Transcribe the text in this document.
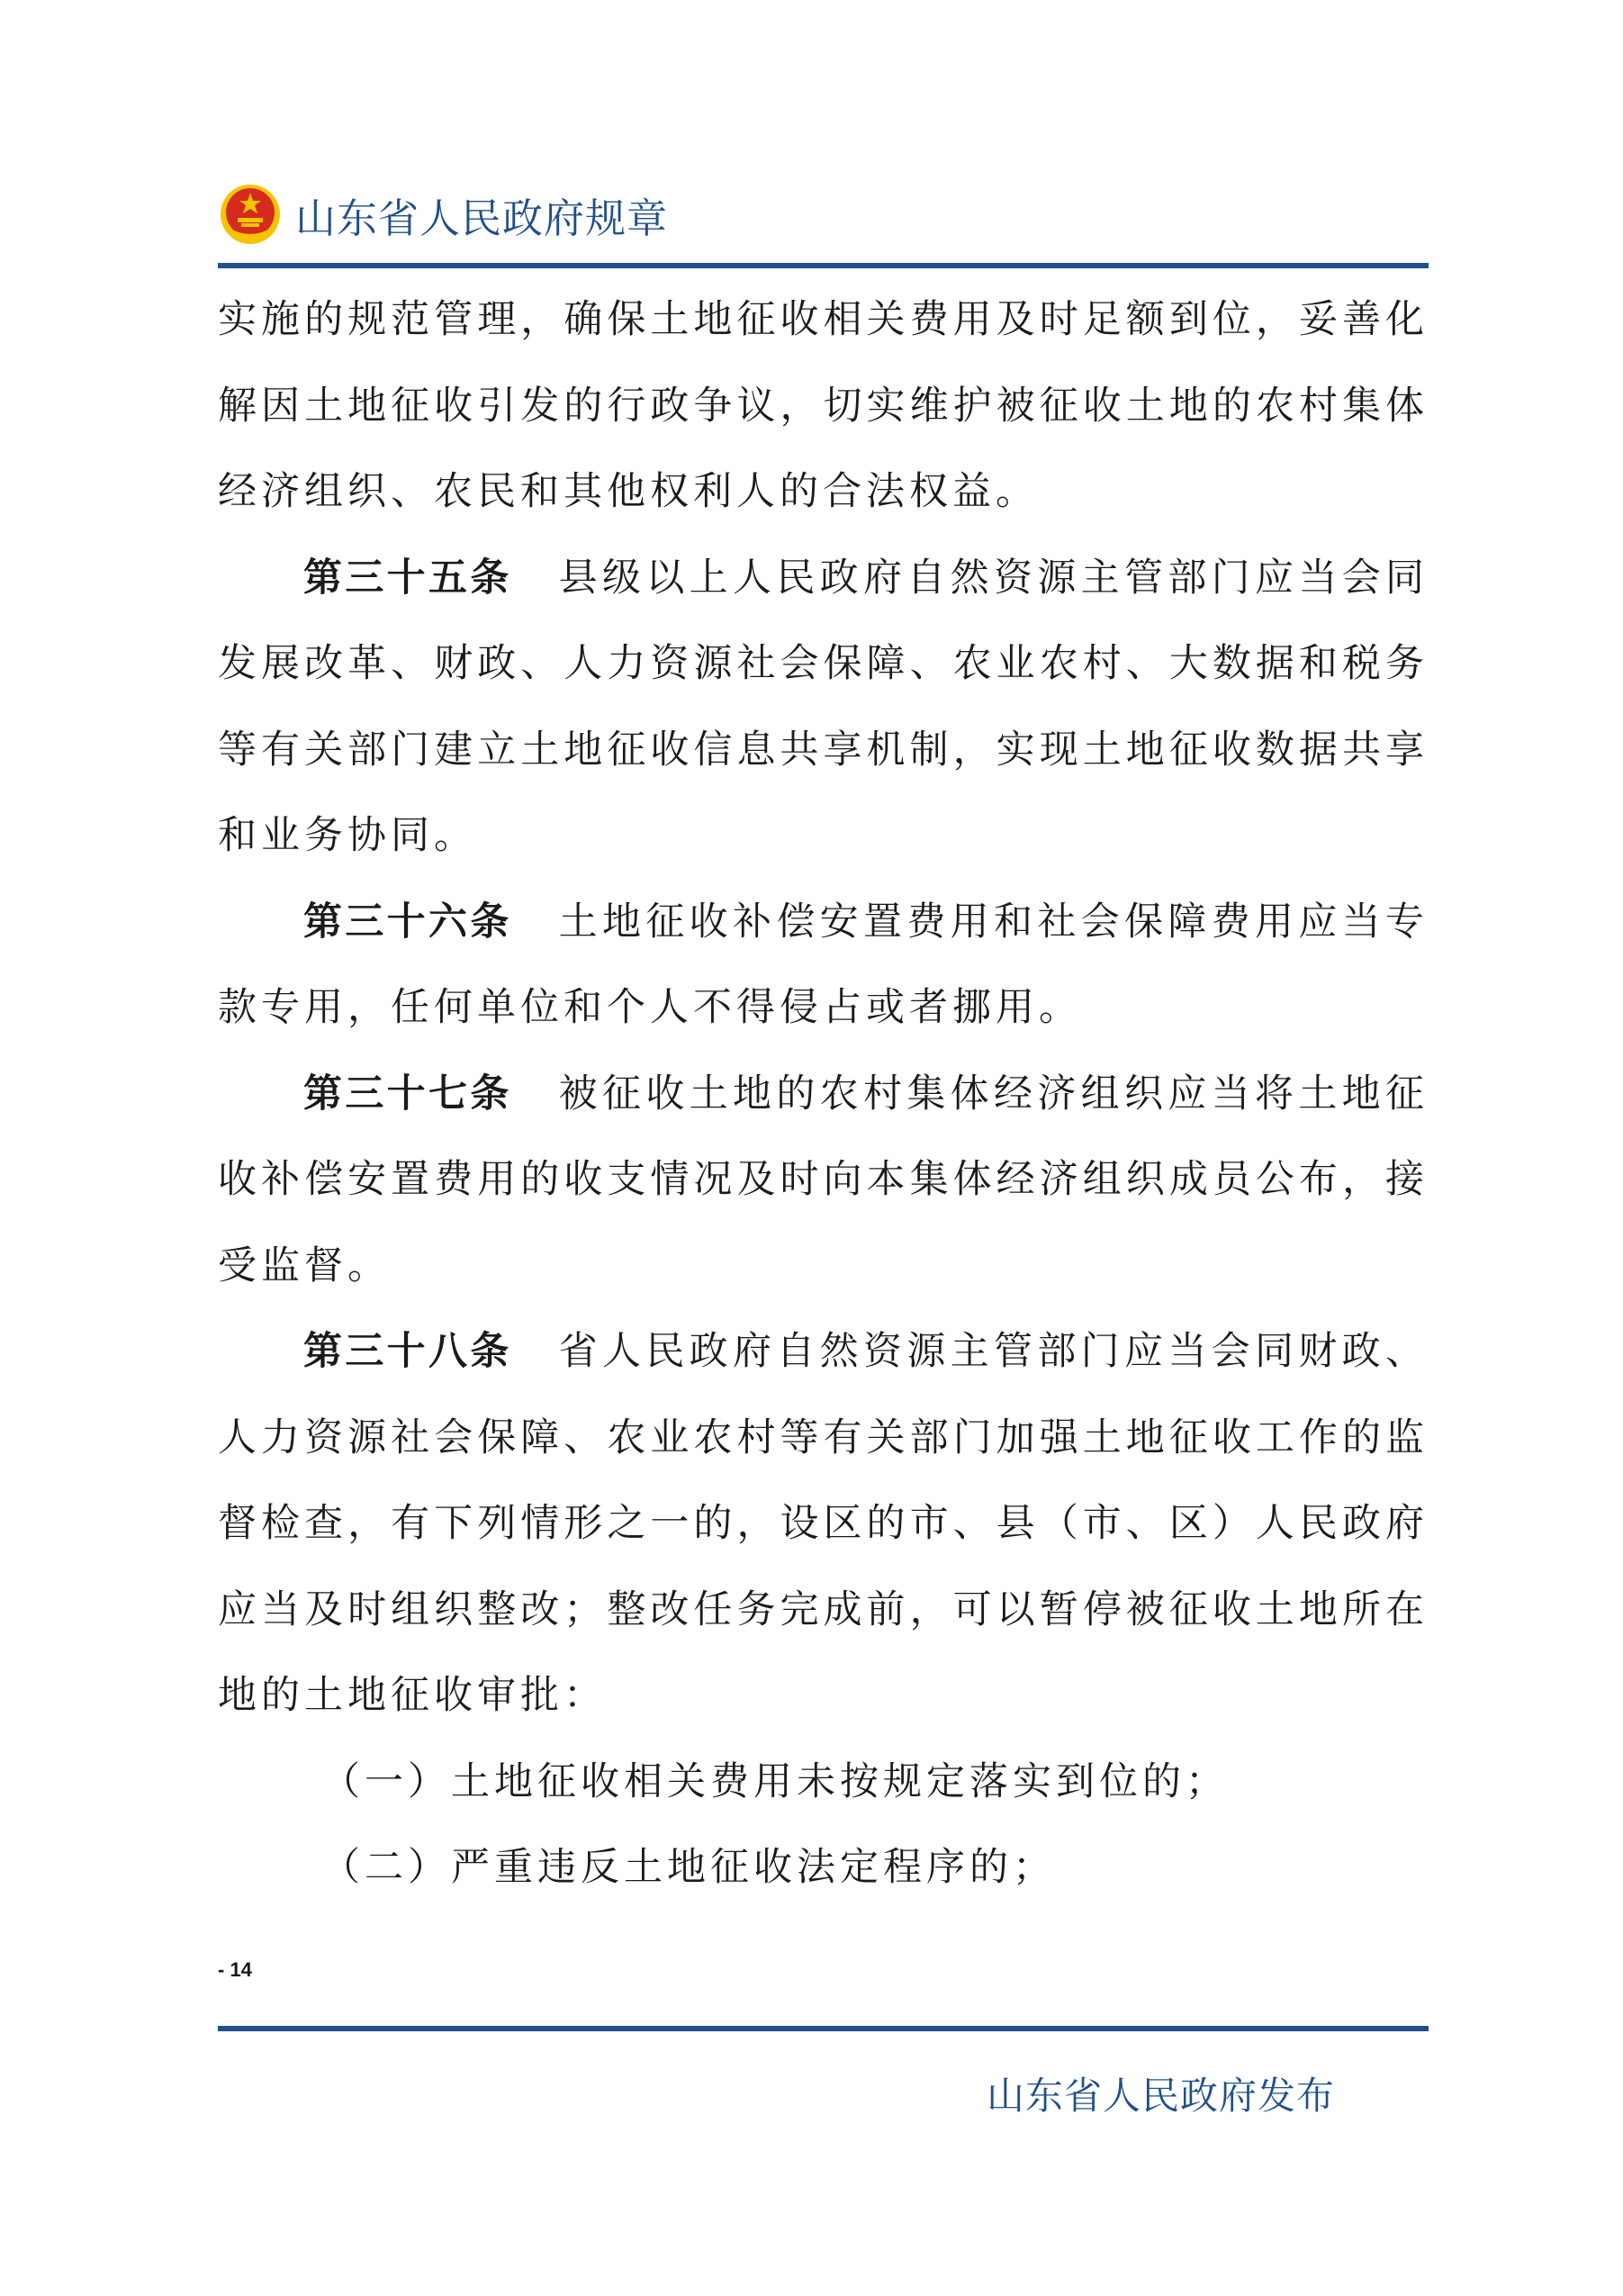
山东省人民政府规章

实施的规范管理，确保土地征收相关费用及时足额到位，妥善化解因土地征收引发的行政争议，切实维护被征收土地的农村集体经济组织、农民和其他权利人的合法权益。

第三十五条 县级以上人民政府自然资源主管部门应当会同发展改革、财政、人力资源社会保障、农业农村、大数据和税务等有关部门建立土地征收信息共享机制，实现土地征收数据共享和业务协同。

第三十六条 土地征收补偿安置费用和社会保障费用应当专款专用，任何单位和个人不得侵占或者挪用。

第三十七条 被征收土地的农村集体经济组织应当将土地征收补偿安置费用的收支情况及时向本集体经济组织成员公布，接受监督。

第三十八条 省人民政府自然资源主管部门应当会同财政、人力资源社会保障、农业农村等有关部门加强土地征收工作的监督检查，有下列情形之一的，设区的市、县（市、区）人民政府应当及时组织整改；整改任务完成前，可以暂停被征收土地所在地的土地征收审批：

（一）土地征收相关费用未按规定落实到位的；

（二）严重违反土地征收法定程序的；

- 14
山东省人民政府发布
